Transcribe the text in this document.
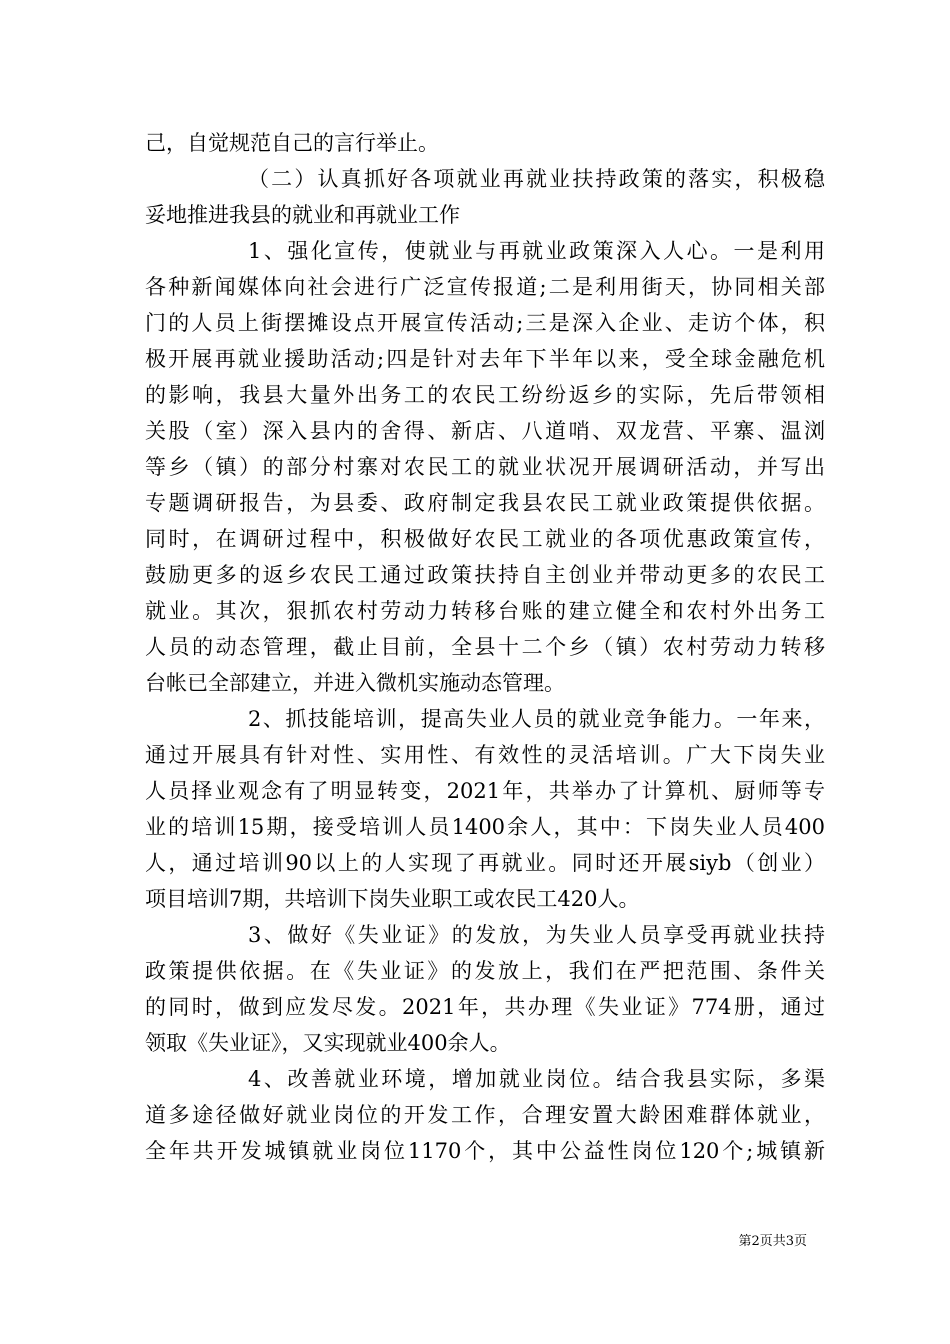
己，自觉规范自己的言行举止。
（二）认真抓好各项就业再就业扶持政策的落实，积极稳
妥地推进我县的就业和再就业工作
1、强化宣传，使就业与再就业政策深入人心。一是利用
各种新闻媒体向社会进行广泛宣传报道;二是利用街天，协同相关部
门的人员上街摆摊设点开展宣传活动;三是深入企业、走访个体，积
极开展再就业援助活动;四是针对去年下半年以来，受全球金融危机
的影响，我县大量外出务工的农民工纷纷返乡的实际，先后带领相
关股（室）深入县内的舍得、新店、八道哨、双龙营、平寨、温浏
等乡（镇）的部分村寨对农民工的就业状况开展调研活动，并写出
专题调研报告，为县委、政府制定我县农民工就业政策提供依据。
同时，在调研过程中，积极做好农民工就业的各项优惠政策宣传，
鼓励更多的返乡农民工通过政策扶持自主创业并带动更多的农民工
就业。其次，狠抓农村劳动力转移台账的建立健全和农村外出务工
人员的动态管理，截止目前，全县十二个乡（镇）农村劳动力转移
台帐已全部建立，并进入微机实施动态管理。
2、抓技能培训，提高失业人员的就业竞争能力。一年来，
通过开展具有针对性、实用性、有效性的灵活培训。广大下岗失业
人员择业观念有了明显转变，2021年，共举办了计算机、厨师等专
业的培训15期，接受培训人员1400余人，其中：下岗失业人员400
人，通过培训90以上的人实现了再就业。同时还开展siyb（创业）
项目培训7期，共培训下岗失业职工或农民工420人。
3、做好《失业证》的发放，为失业人员享受再就业扶持
政策提供依据。在《失业证》的发放上，我们在严把范围、条件关
的同时，做到应发尽发。2021年，共办理《失业证》774册，通过
领取《失业证》，又实现就业400余人。
4、改善就业环境，增加就业岗位。结合我县实际，多渠
道多途径做好就业岗位的开发工作，合理安置大龄困难群体就业，
全年共开发城镇就业岗位1170个，其中公益性岗位120个;城镇新
第2页共3页
